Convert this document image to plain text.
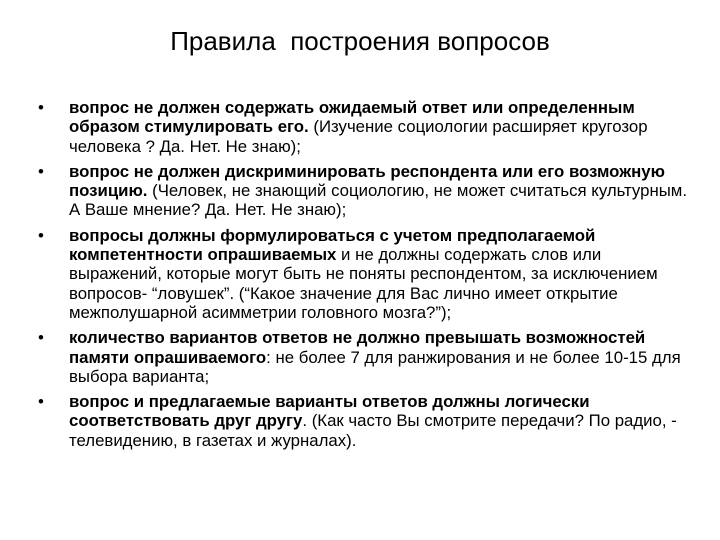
Правила  построения вопросов
• вопрос не должен содержать ожидаемый ответ или определенным образом стимулировать его. (Изучение социологии расширяет кругозор человека ? Да. Нет. Не знаю);
• вопрос не должен дискриминировать респондента или его возможную позицию. (Человек, не знающий социологию, не может считаться культурным. А Ваше мнение? Да. Нет. Не знаю);
• вопросы должны формулироваться с учетом предполагаемой компетентности опрашиваемых и не должны содержать слов или выражений, которые могут быть не поняты респондентом, за исключением вопросов- “ловушек”. (“Какое значение для Вас лично имеет открытие межполушарной асимметрии головного мозга?”);
• количество вариантов ответов не должно превышать возможностей памяти опрашиваемого: не более 7 для ранжирования и не более 10-15 для выбора варианта;
• вопрос и предлагаемые варианты ответов должны логически соответствовать друг другу. (Как часто Вы смотрите передачи? По радио, - телевидению, в газетах и журналах).
